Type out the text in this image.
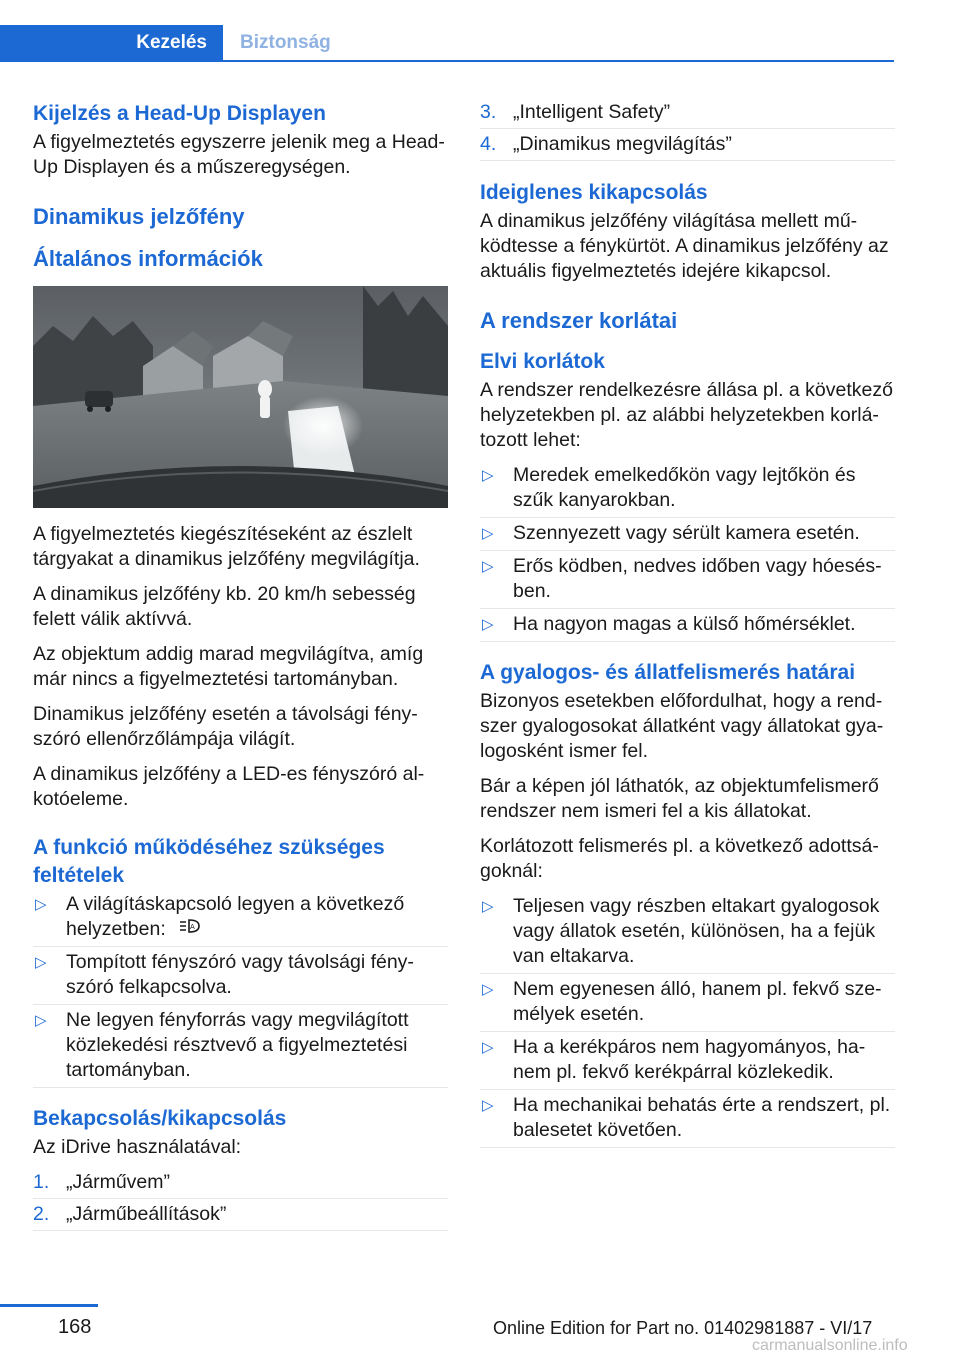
Kezelés	Biztonság
Kijelzés a Head-Up Displayen

A figyelmeztetés egyszerre jelenik meg a Head-Up Displayen és a műszeregységen.

Dinamikus jelzőfény
Általános információk

A figyelmeztetés kiegészítéseként az észlelt tárgyakat a dinamikus jelzőfény megvilágítja.

A dinamikus jelzőfény kb. 20 km/h sebesség felett válik aktívvá.

Az objektum addig marad megvilágítva, amíg már nincs a figyelmeztetési tartományban.

Dinamikus jelzőfény esetén a távolsági fényszóró ellenőrzőlámpája világít.

A dinamikus jelzőfény a LED-es fényszóró alkotóeleme.

A funkció működéséhez szükséges feltételek
▷ A világításkapcsoló legyen a következő helyzetben:	A
▷ Tompított fényszóró vagy távolsági fényszóró felkapcsolva.
▷ Ne legyen fényforrás vagy megvilágított közlekedési résztvevő a figyelmeztetési tartományban.
Bekapcsolás/kikapcsolás

Az iDrive használatával:

1. „Járművem”
2. „Járműbeállítások”
3. „Intelligent Safety”
4. „Dinamikus megvilágítás”
Ideiglenes kikapcsolás

A dinamikus jelzőfény világítása mellett működtesse a fénykürtöt. A dinamikus jelzőfény az aktuális figyelmeztetés idejére kikapcsol.

A rendszer korlátai
Elvi korlátok

A rendszer rendelkezésre állása pl. a következő helyzetekben pl. az alábbi helyzetekben korlátozott lehet:

▷ Meredek emelkedőkön vagy lejtőkön és szűk kanyarokban.
▷ Szennyezett vagy sérült kamera esetén.
▷ Erős ködben, nedves időben vagy hóesésben.
▷ Ha nagyon magas a külső hőmérséklet.
A gyalogos- és állatfelismerés határai

Bizonyos esetekben előfordulhat, hogy a rendszer gyalogosokat állatként vagy állatokat gyalogosként ismer fel.

Bár a képen jól láthatók, az objektumfelismerő rendszer nem ismeri fel a kis állatokat.

Korlátozott felismerés pl. a következő adottságoknál:

▷ Teljesen vagy részben eltakart gyalogosok vagy állatok esetén, különösen, ha a fejük van eltakarva.
▷ Nem egyenesen álló, hanem pl. fekvő személyek esetén.
▷ Ha a kerékpáros nem hagyományos, hanem pl. fekvő kerékpárral közlekedik.
▷ Ha mechanikai behatás érte a rendszert, pl. balesetet követően.
168	Online Edition for Part no. 01402981887 - VI/17
carmanualsonline.info
